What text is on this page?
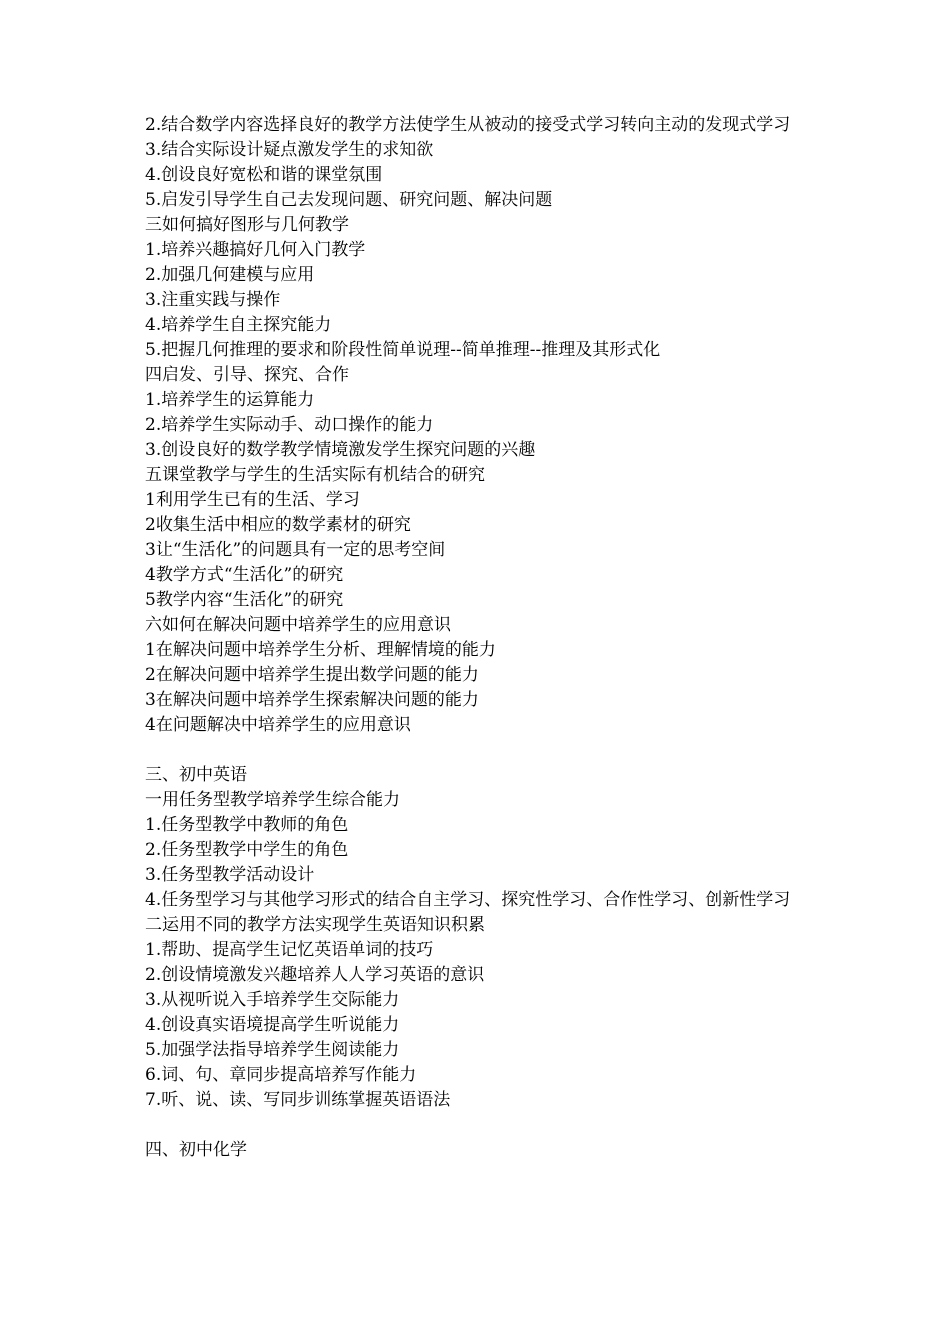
2.结合数学内容选择良好的教学方法使学生从被动的接受式学习转向主动的发现式学习
3.结合实际设计疑点激发学生的求知欲
4.创设良好宽松和谐的课堂氛围
5.启发引导学生自己去发现问题、研究问题、解决问题
三如何搞好图形与几何教学
1.培养兴趣搞好几何入门教学
2.加强几何建模与应用
3.注重实践与操作
4.培养学生自主探究能力
5.把握几何推理的要求和阶段性简单说理--简单推理--推理及其形式化
四启发、引导、探究、合作
1.培养学生的运算能力
2.培养学生实际动手、动口操作的能力
3.创设良好的数学教学情境激发学生探究问题的兴趣
五课堂教学与学生的生活实际有机结合的研究
1利用学生已有的生活、学习
2收集生活中相应的数学素材的研究
3让“生活化”的问题具有一定的思考空间
4教学方式“生活化”的研究
5教学内容“生活化”的研究
六如何在解决问题中培养学生的应用意识
1在解决问题中培养学生分析、理解情境的能力
2在解决问题中培养学生提出数学问题的能力
3在解决问题中培养学生探索解决问题的能力
4在问题解决中培养学生的应用意识
三、初中英语
一用任务型教学培养学生综合能力
1.任务型教学中教师的角色
2.任务型教学中学生的角色
3.任务型教学活动设计
4.任务型学习与其他学习形式的结合自主学习、探究性学习、合作性学习、创新性学习
二运用不同的教学方法实现学生英语知识积累
1.帮助、提高学生记忆英语单词的技巧
2.创设情境激发兴趣培养人人学习英语的意识
3.从视听说入手培养学生交际能力
4.创设真实语境提高学生听说能力
5.加强学法指导培养学生阅读能力
6.词、句、章同步提高培养写作能力
7.听、说、读、写同步训练掌握英语语法
四、初中化学
